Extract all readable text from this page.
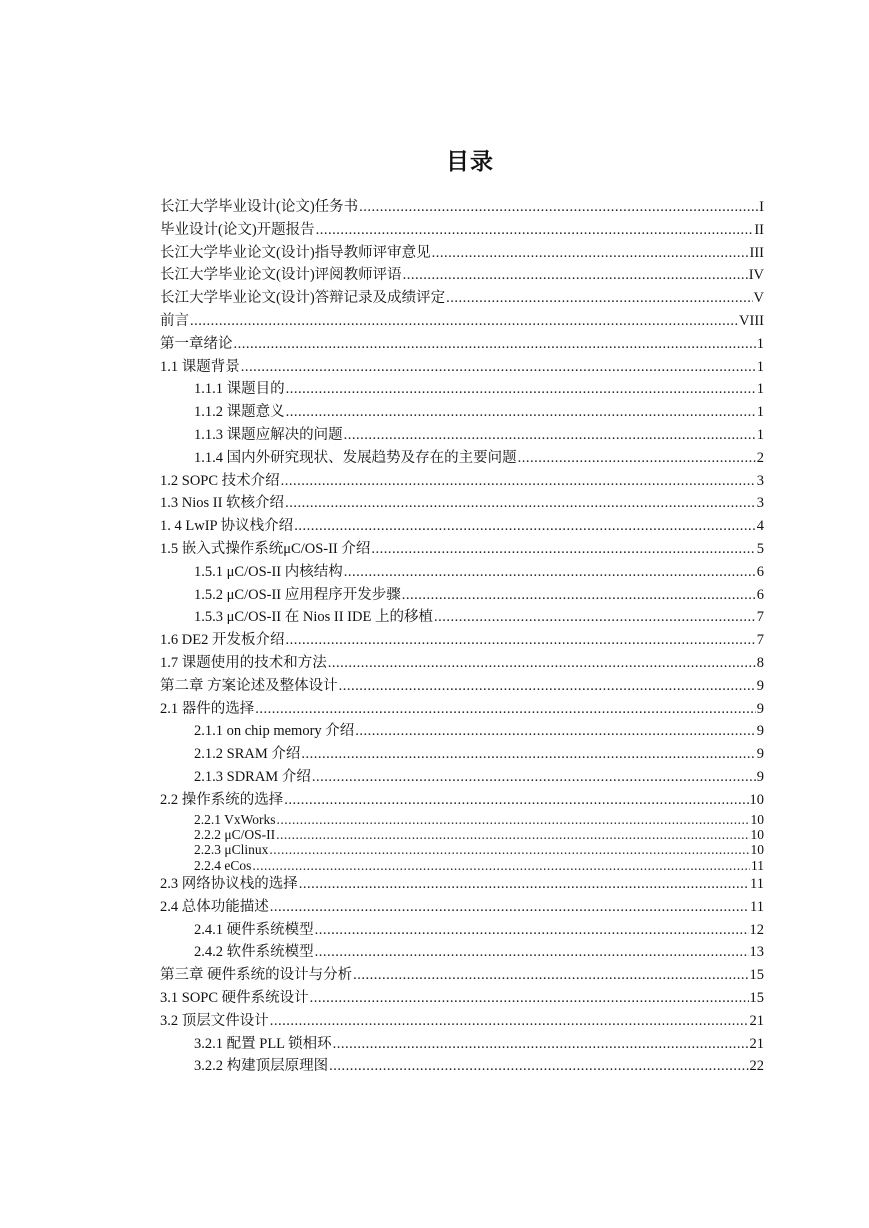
目录
长江大学毕业设计(论文)任务书 .....	I
毕业设计(论文)开题报告 .....	II
长江大学毕业论文(设计)指导教师评审意见 .....	III
长江大学毕业论文(设计)评阅教师评语 .....	IV
长江大学毕业论文(设计)答辩记录及成绩评定 .....	V
前言 .....	VIII
第一章绪论 .....	1
1.1 课题背景 .....	1
1.1.1 课题目的 .....	1
1.1.2 课题意义 .....	1
1.1.3 课题应解决的问题 .....	1
1.1.4 国内外研究现状、发展趋势及存在的主要问题 .....	2
1.2 SOPC 技术介绍 .....	3
1.3 Nios II 软核介绍 .....	3
1. 4 LwIP 协议栈介绍 .....	4
1.5 嵌入式操作系统μC/OS-II 介绍 .....	5
1.5.1 μC/OS-II 内核结构 .....	6
1.5.2 μC/OS-II 应用程序开发步骤 .....	6
1.5.3 μC/OS-II 在 Nios II IDE 上的移植 .....	7
1.6 DE2 开发板介绍 .....	7
1.7 课题使用的技术和方法 .....	8
第二章 方案论述及整体设计 .....	9
2.1 器件的选择 .....	9
2.1.1 on chip memory 介绍 .....	9
2.1.2 SRAM 介绍 .....	9
2.1.3 SDRAM 介绍 .....	9
2.2 操作系统的选择 .....	10
2.2.1 VxWorks .....	10
2.2.2 μC/OS-II .....	10
2.2.3 μClinux .....	10
2.2.4 eCos .....	11
2.3 网络协议栈的选择 .....	11
2.4 总体功能描述 .....	11
2.4.1 硬件系统模型 .....	12
2.4.2 软件系统模型 .....	13
第三章 硬件系统的设计与分析 .....	15
3.1 SOPC 硬件系统设计 .....	15
3.2 顶层文件设计 .....	21
3.2.1 配置 PLL 锁相环 .....	21
3.2.2 构建顶层原理图 .....	22
